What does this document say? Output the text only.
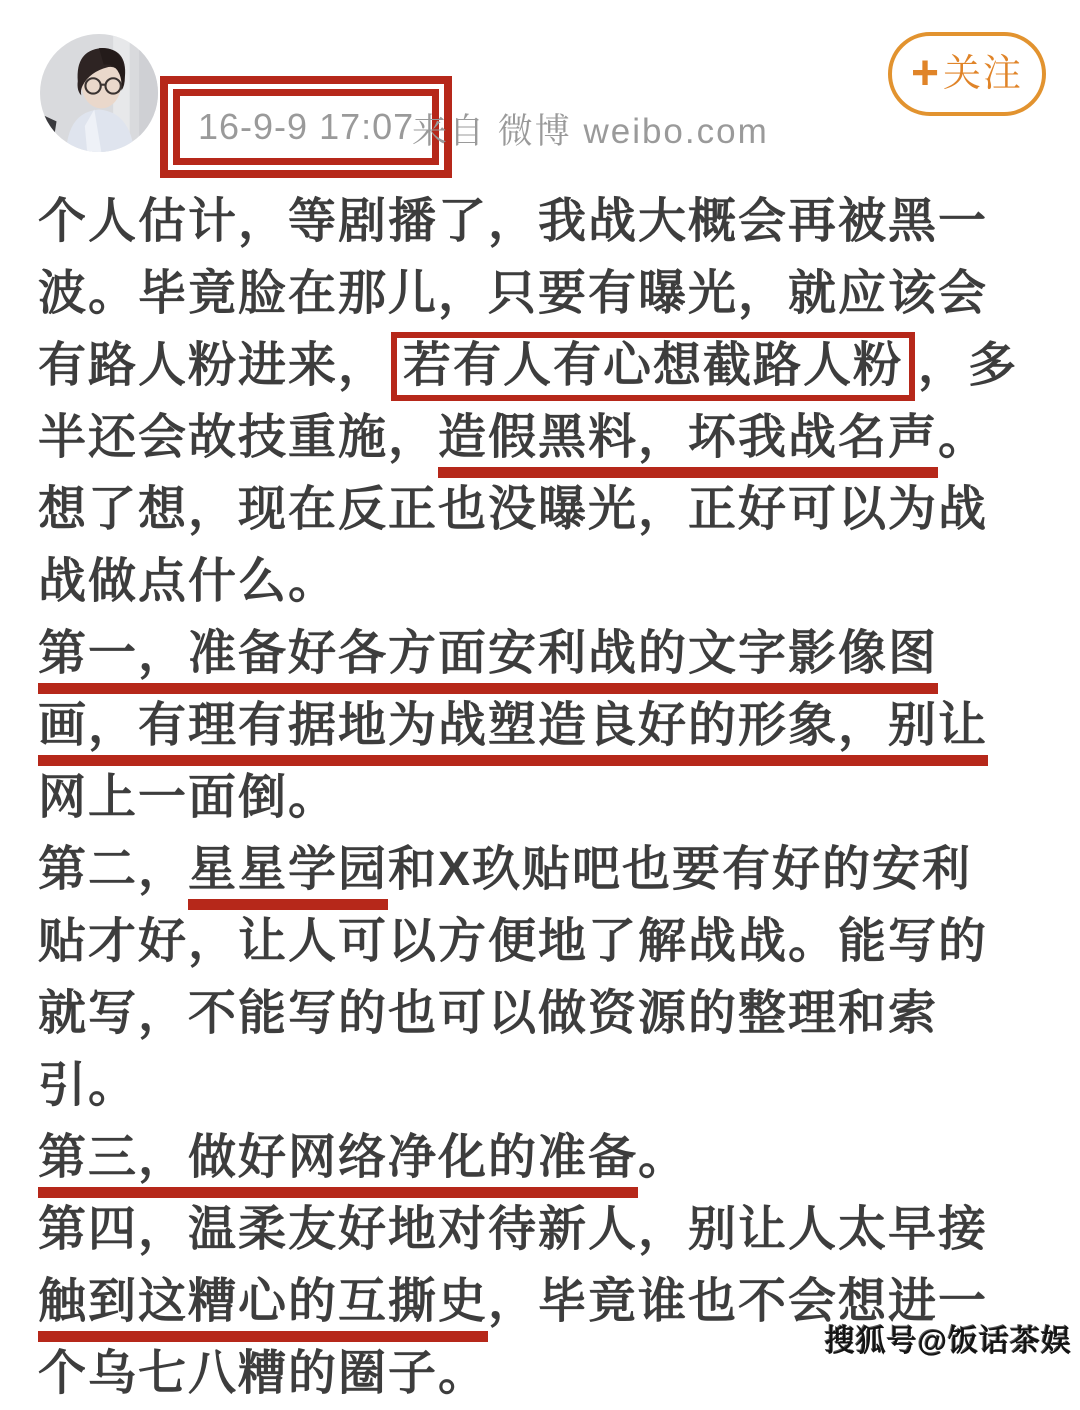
16-9-9 17:07
来自 微博 weibo.com
+ 关注
个人估计，等剧播了，我战大概会再被黑一
波。毕竟脸在那儿，只要有曝光，就应该会
有路人粉进来， 若有人有心想截路人粉 ，多
半还会故技重施，造假黑料，坏我战名声。
想了想，现在反正也没曝光，正好可以为战
战做点什么。
第一，准备好各方面安利战的文字影像图
画，有理有据地为战塑造良好的形象，别让
网上一面倒。
第二，星星学园和X玖贴吧也要有好的安利
贴才好，让人可以方便地了解战战。能写的
就写，不能写的也可以做资源的整理和索
引。
第三，做好网络净化的准备。
第四，温柔友好地对待新人，别让人太早接
触到这糟心的互撕史，毕竟谁也不会想进一
个乌七八糟的圈子。
搜狐号@饭话茶娱
